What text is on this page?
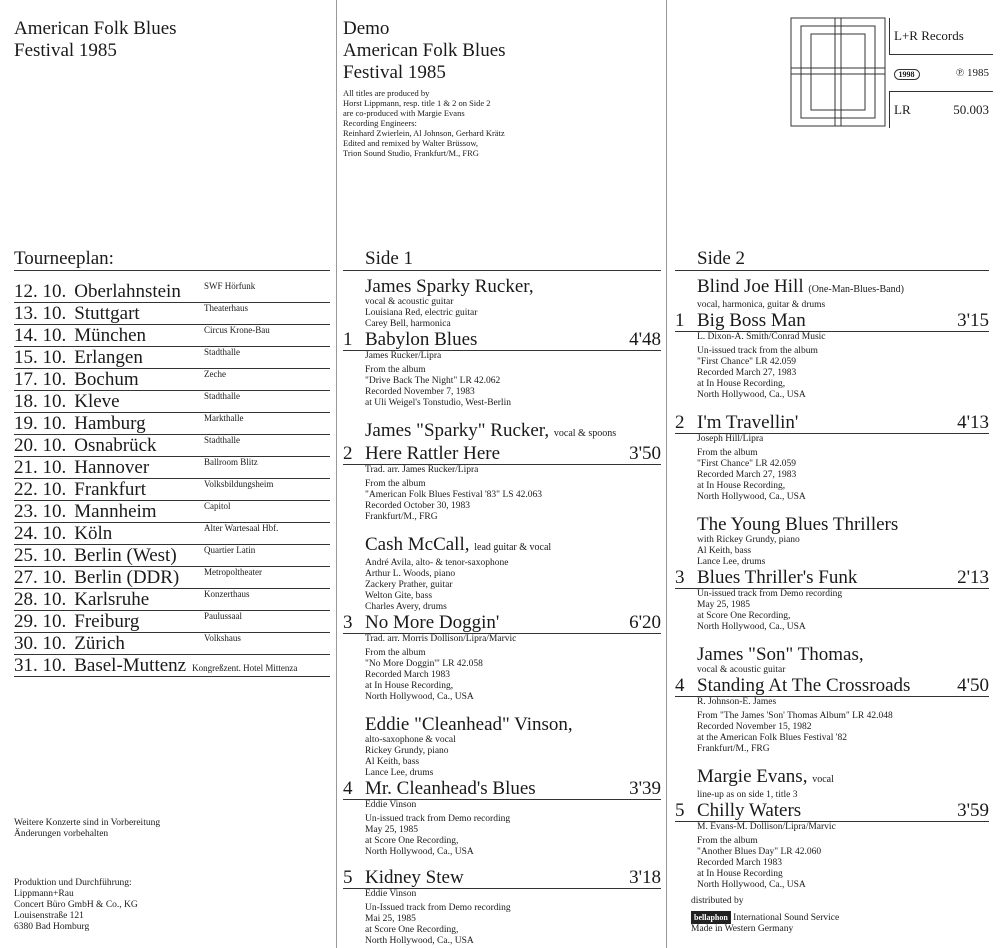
American Folk Blues
Festival 1985
Tourneeplan:
12. 10. Oberlahnstein	SWF Hörfunk
13. 10. Stuttgart	Theaterhaus
14. 10. München	Circus Krone-Bau
15. 10. Erlangen	Stadthalle
17. 10. Bochum	Zeche
18. 10. Kleve	Stadthalle
19. 10. Hamburg	Markthalle
20. 10. Osnabrück	Stadthalle
21. 10. Hannover	Ballroom Blitz
22. 10. Frankfurt	Volksbildungsheim
23. 10. Mannheim	Capitol
24. 10. Köln	Alter Wartesaal Hbf.
25. 10. Berlin (West)	Quartier Latin
27. 10. Berlin (DDR)	Metropoltheater
28. 10. Karlsruhe	Konzerthaus
29. 10. Freiburg	Paulussaal
30. 10. Zürich	Volkshaus
31. 10. Basel-Muttenz Kongreßzent. Hotel Mittenza
Weitere Konzerte sind in Vorbereitung
Änderungen vorbehalten
Produktion und Durchführung:
Lippmann+Rau
Concert Büro GmbH & Co., KG
Louisenstraße 121
6380 Bad Homburg
Demo
American Folk Blues
Festival 1985
All titles are produced by
Horst Lippmann, resp. title 1 & 2 on Side 2
are co-produced with Margie Evans
Recording Engineers:
Reinhard Zwierlein, Al Johnson, Gerhard Krätz
Edited and remixed by Walter Brüssow,
Trion Sound Studio, Frankfurt/M., FRG
Side 1
James Sparky Rucker,
vocal & acoustic guitar
Louisiana Red, electric guitar
Carey Bell, harmonica
1 Babylon Blues	4'48
James Rucker/Lipra
From the album
"Drive Back The Night" LR 42.062
Recorded November 7, 1983
at Uli Weigel's Tonstudio, West-Berlin
James "Sparky" Rucker, vocal & spoons
2 Here Rattler Here	3'50
Trad. arr. James Rucker/Lipra
From the album
"American Folk Blues Festival '83" LS 42.063
Recorded October 30, 1983
Frankfurt/M., FRG
Cash McCall, lead guitar & vocal
André Avila, alto- & tenor-saxophone
Arthur L. Woods, piano
Zackery Prather, guitar
Welton Gite, bass
Charles Avery, drums
3 No More Doggin'	6'20
Trad. arr. Morris Dollison/Lipra/Marvic
From the album
"No More Doggin'" LR 42.058
Recorded March 1983
at In House Recording,
North Hollywood, Ca., USA
Eddie "Cleanhead" Vinson,
alto-saxophone & vocal
Rickey Grundy, piano
Al Keith, bass
Lance Lee, drums
4 Mr. Cleanhead's Blues	3'39
Eddie Vinson
Un-issued track from Demo recording
May 25, 1985
at Score One Recording,
North Hollywood, Ca., USA
5 Kidney Stew	3'18
Eddie Vinson
Un-Issued track from Demo recording
Mai 25, 1985
at Score One Recording,
North Hollywood, Ca., USA
L+R Records	
1998	℗ 1985
LR	50.003
Side 2
Blind Joe Hill (One-Man-Blues-Band)
vocal, harmonica, guitar & drums
1 Big Boss Man	3'15
L. Dixon-A. Smith/Conrad Music
Un-issued track from the album
"First Chance" LR 42.059
Recorded March 27, 1983
at In House Recording,
North Hollywood, Ca., USA
2 I'm Travellin'	4'13
Joseph Hill/Lipra
From the album
"First Chance" LR 42.059
Recorded March 27, 1983
at In House Recording,
North Hollywood, Ca., USA
The Young Blues Thrillers
with Rickey Grundy, piano
Al Keith, bass
Lance Lee, drums
3 Blues Thriller's Funk	2'13
Un-issued track from Demo recording
May 25, 1985
at Score One Recording,
North Hollywood, Ca., USA
James "Son" Thomas,
vocal & acoustic guitar
4 Standing At The Crossroads	4'50
R. Johnson-E. James
From "The James 'Son' Thomas Album" LR 42.048
Recorded November 15, 1982
at the American Folk Blues Festival '82
Frankfurt/M., FRG
Margie Evans, vocal
line-up as on side 1, title 3
5 Chilly Waters	3'59
M. Evans-M. Dollison/Lipra/Marvic
From the album
"Another Blues Day" LR 42.060
Recorded March 1983
at In House Recording
North Hollywood, Ca., USA
distributed by
bellaphon International Sound Service
Made in Western Germany
